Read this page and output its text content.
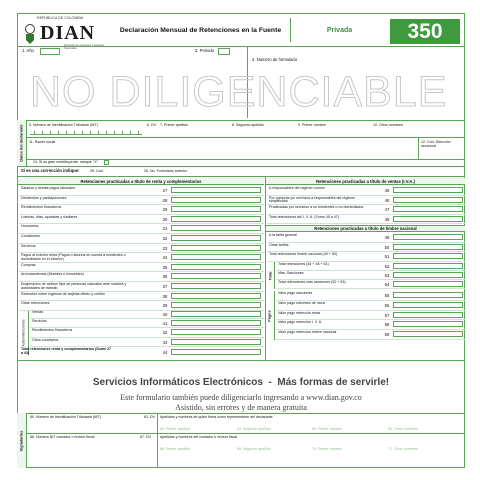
REPÚBLICA DE COLOMBIA
DIAN
Nacionales
Declaración Mensual de Retenciones en la Fuente	Privada	350
1. Año	3. Periodo
4. Número de formulario
NO DILIGENCIABLE
Datos del declarante 5. Número de Identificación Tributaria (NIT)	6. DV 7. Primer apellido	8. Segundo apellido	9. Primer nombre	10. Otros nombres
11. Razón social	12. Cód. Dirección seccional
24. Si es gran contribuyente, marque "X"
Si es una corrección indique:	25. Cód.	26. No. Formulario anterior
Retenciones practicadas a título de renta y complementarios
Salarios y demás pagos laborales	27
Dividendos y participaciones	28
Rendimientos financieros	29
Loterías, rifas, apuestas y similares	30
Honorarios	31
Comisiones	32
Servicios	33
Pagos al exterior renta (Pagos o abonos en cuenta a residentes o domiciliados en el exterior)	34
Compras	35
Arrendamientos (Muebles e inmuebles)	36
Enajenación de activos fijos de personas naturales ante notarios y autoridades de tránsito	37
Retención sobre ingresos de tarjetas débito y crédito	38
Otras retenciones	39
Autorretenciones
Ventas	40
Servicios	41
Rendimientos financieros	42
Otros conceptos	43
Total retenciones renta y complementarios (Sume 27 a 43)	44
Retenciones practicadas a título de ventas (I.V.A.)
A responsables del régimen común	45
Por compras y/o servicios a responsables del régimen simplificado	46
Practicadas por servicios a no residentes o no domiciliados	47
Total retenciones del I. V. A. (Sume 45 a 47)	48
Retenciones practicadas a título de timbre nacional
A la tarifa general	49
Otras tarifas	50
Total retenciones timbre nacional (49 + 50)	51
Total
Total retenciones (44 + 48 + 51)	52
Más: Sanciones	53
Total retenciones más sanciones (52 + 53)	54
Pagos
Valor pago sanciones	55
Valor pago intereses de mora	56
Valor pago retención renta	57
Valor pago retención I. V. A.	58
Valor pago retención timbre nacional	59
Servicios Informáticos Electrónicos  -  Más formas de servirle!
Este formulario también puede diligenciarlo ingresando a www.dian.gov.co
Asistido, sin errores y de manera gratuita
Signatarios
60. Número de Identificación Tributaria (NIT)	61. DV Apellidos y nombres de quien firma como representante del declarante
62. Primer apellido	63. Segundo apellido	64. Primer nombre	65. Otros nombres
66. Número NIT contador o revisor fiscal	67. DV	Apellidos y nombres del contador o revisor fiscal
68. Primer apellido	69. Segundo apellido	70. Primer nombre	71. Otros nombres
